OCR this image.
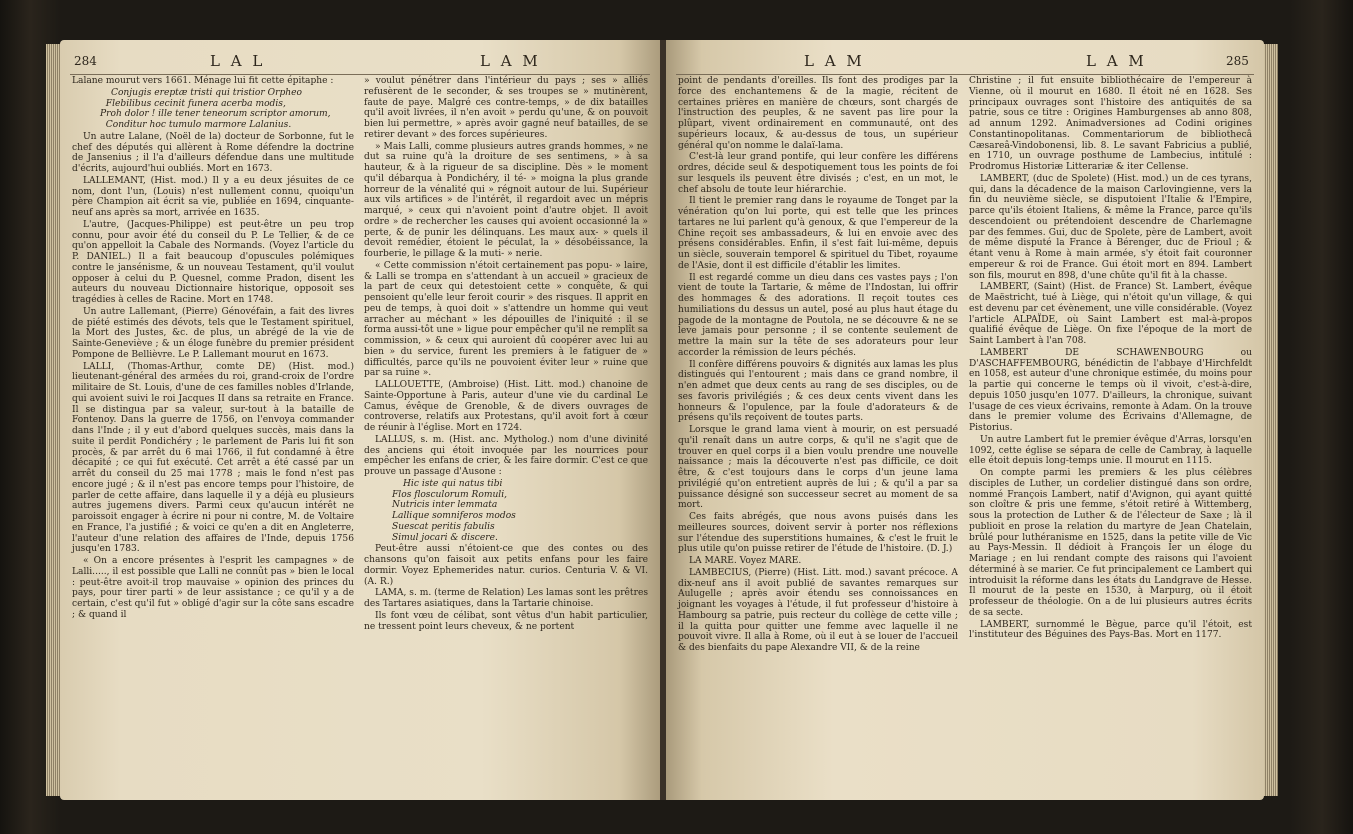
284	L A L	L A M

Lalane mourut vers 1661. Ménage lui fit cette épitaphe :

Conjugis ereptæ tristi qui tristior Orpheo
Flebilibus cecinit funera acerba modis,
Proh dolor ! ille tener teneorum scriptor amorum,
Conditur hoc tumulo marmore Lalanius.

Un autre Lalane, (Noël de la) docteur de Sorbonne, fut le chef des députés qui allèrent à Rome défendre la doctrine de Jansenius ; il l'a d'ailleurs défendue dans une multitude d'écrits, aujourd'hui oubliés. Mort en 1673.

LALLEMANT, (Hist. mod.) Il y a eu deux jésuites de ce nom, dont l'un, (Louis) n'est nullement connu, quoiqu'un père Champion ait écrit sa vie, publiée en 1694, cinquante-neuf ans après sa mort, arrivée en 1635.

L'autre, (Jacques-Philippe) est peut-être un peu trop connu, pour avoir été du conseil du P. Le Tellier, & de ce qu'on appelloit la Cabale des Normands. (Voyez l'article du P. DANIEL.) Il a fait beaucoup d'opuscules polémiques contre le jansénisme, & un nouveau Testament, qu'il voulut opposer à celui du P. Quesnel, comme Pradon, disent les auteurs du nouveau Dictionnaire historique, opposoit ses tragédies à celles de Racine. Mort en 1748.

Un autre Lallemant, (Pierre) Génovéfain, a fait des livres de piété estimés des dévots, tels que le Testament spirituel, la Mort des Justes, &c. de plus, un abrégé de la vie de Sainte-Geneviève ; & un éloge funèbre du premier président Pompone de Bellièvre. Le P. Lallemant mourut en 1673.

LALLI, (Thomas-Arthur, comte DE) (Hist. mod.) lieutenant-général des armées du roi, grand-croix de l'ordre militaire de St. Louis, d'une de ces familles nobles d'Irlande, qui avoient suivi le roi Jacques II dans sa retraite en France. Il se distingua par sa valeur, sur-tout à la bataille de Fontenoy. Dans la guerre de 1756, on l'envoya commander dans l'Inde ; il y eut d'abord quelques succès, mais dans la suite il perdit Pondichéry ; le parlement de Paris lui fit son procès, & par arrêt du 6 mai 1766, il fut condamné à être décapité ; ce qui fut exécuté. Cet arrêt a été cassé par un arrêt du conseil du 25 mai 1778 ; mais le fond n'est pas encore jugé ; & il n'est pas encore temps pour l'histoire, de parler de cette affaire, dans laquelle il y a déjà eu plusieurs autres jugemens divers. Parmi ceux qu'aucun intérêt ne paroissoit engager à écrire ni pour ni contre, M. de Voltaire en France, l'a justifié ; & voici ce qu'en a dit en Angleterre, l'auteur d'une relation des affaires de l'Inde, depuis 1756 jusqu'en 1783.

« On a encore présentes à l'esprit les campagnes » de Lalli....., il est possible que Lalli ne connût pas » bien le local : peut-être avoit-il trop mauvaise » opinion des princes du pays, pour tirer parti » de leur assistance ; ce qu'il y a de certain, c'est qu'il fut » obligé d'agir sur la côte sans escadre ; & quand il

» voulut pénétrer dans l'intérieur du pays ; ses » alliés refusèrent de le seconder, & ses troupes se » mutinèrent, faute de paye. Malgré ces contre-temps, » de dix batailles qu'il avoit livrées, il n'en avoit » perdu qu'une, & on pouvoit bien lui permettre, » après avoir gagné neuf batailles, de se retirer devant » des forces supérieures.

» Mais Lalli, comme plusieurs autres grands hommes, » ne dut sa ruine qu'à la droiture de ses sentimens, » à sa hauteur, & à la rigueur de sa discipline. Dès » le moment qu'il débarqua à Pondichéry, il té- » moigna la plus grande horreur de la vénalité qui » régnoit autour de lui. Supérieur aux vils artifices » de l'intérêt, il regardoit avec un mépris marqué, » ceux qui n'avoient point d'autre objet. Il avoit ordre » de rechercher les causes qui avoient occasionné la » perte, & de punir les délinquans. Les maux aux- » quels il devoit remédier, étoient le péculat, la » désobéissance, la fourberie, le pillage & la muti- » nerie.

« Cette commission n'étoit certainement pas popu- » laire, & Lalli se trompa en s'attendant à un accueil » gracieux de la part de ceux qui detestoient cette » conquête, & qui pensoient qu'elle leur feroit courir » des risques. Il apprit en peu de temps, à quoi doit » s'attendre un homme qui veut arracher au méchant » les dépouilles de l'iniquité : il se forma aussi-tôt une » ligue pour empêcher qu'il ne remplît sa commission, » & ceux qui auroient dû coopérer avec lui au bien » du service, furent les premiers à le fatiguer de » difficultés, parce qu'ils ne pouvoient éviter leur » ruine que par sa ruine ».

LALLOUETTE, (Ambroise) (Hist. Litt. mod.) chanoine de Sainte-Opportune à Paris, auteur d'une vie du cardinal Le Camus, évêque de Grenoble, & de divers ouvrages de controverse, relatifs aux Protestans, qu'il avoit fort à cœur de réunir à l'église. Mort en 1724.

LALLUS, s. m. (Hist. anc. Mytholog.) nom d'une divinité des anciens qui étoit invoquée par les nourrices pour empêcher les enfans de crier, & les faire dormir. C'est ce que prouve un passage d'Ausone :

Hic iste qui natus tibi
Flos flosculorum Romuli,
Nutricis inter lemmata
Lallique somniferos modos
Suescat peritis fabulis
Simul jocari & discere.

Peut-être aussi n'étoient-ce que des contes ou des chansons qu'on faisoit aux petits enfans pour les faire dormir. Voyez Ephemerides natur. curios. Centuria V. & VI. (A. R.)

LAMA, s. m. (terme de Relation) Les lamas sont les prêtres des Tartares asiatiques, dans la Tartarie chinoise.

Ils font vœu de célibat, sont vêtus d'un habit particulier, ne tressent point leurs cheveux, & ne portent

L A M	L A M	285

point de pendants d'oreilles. Ils font des prodiges par la force des enchantemens & de la magie, récitent de certaines prières en manière de chœurs, sont chargés de l'instruction des peuples, & ne savent pas lire pour la plûpart, vivent ordinairement en communauté, ont des supérieurs locaux, & au-dessus de tous, un supérieur général qu'on nomme le dalaï-lama.

C'est-là leur grand pontife, qui leur confère les différens ordres, décide seul & despotiquement tous les points de foi sur lesquels ils peuvent être divisés ; c'est, en un mot, le chef absolu de toute leur hiérarchie.

Il tient le premier rang dans le royaume de Tonget par la vénération qu'on lui porte, qui est telle que les princes tartares ne lui parlent qu'à genoux, & que l'empereur de la Chine reçoit ses ambassadeurs, & lui en envoie avec des présens considérables. Enfin, il s'est fait lui-même, depuis un siècle, souverain temporel & spirituel du Tibet, royaume de l'Asie, dont il est difficile d'établir les limites.

Il est regardé comme un dieu dans ces vastes pays ; l'on vient de toute la Tartarie, & même de l'Indostan, lui offrir des hommages & des adorations. Il reçoit toutes ces humiliations du dessus un autel, posé au plus haut étage du pagode de la montagne de Poutola, ne se découvre & ne se leve jamais pour personne ; il se contente seulement de mettre la main sur la tête de ses adorateurs pour leur accorder la rémission de leurs péchés.

Il confère différens pouvoirs & dignités aux lamas les plus distingués qui l'entourent ; mais dans ce grand nombre, il n'en admet que deux cents au rang de ses disciples, ou de ses favoris privilégiés ; & ces deux cents vivent dans les honneurs & l'opulence, par la foule d'adorateurs & de présens qu'ils reçoivent de toutes parts.

Lorsque le grand lama vient à mourir, on est persuadé qu'il renaît dans un autre corps, & qu'il ne s'agit que de trouver en quel corps il a bien voulu prendre une nouvelle naissance ; mais la découverte n'est pas difficile, ce doit être, & c'est toujours dans le corps d'un jeune lama privilégié qu'on entretient auprès de lui ; & qu'il a par sa puissance désigné son successeur secret au moment de sa mort.

Ces faits abrégés, que nous avons puisés dans les meilleures sources, doivent servir à porter nos réflexions sur l'étendue des superstitions humaines, & c'est le fruit le plus utile qu'on puisse retirer de l'étude de l'histoire. (D. J.)

LA MARE. Voyez MARE.

LAMBECIUS, (Pierre) (Hist. Litt. mod.) savant précoce. A dix-neuf ans il avoit publié de savantes remarques sur Aulugelle ; après avoir étendu ses connoissances en joignant les voyages à l'étude, il fut professeur d'histoire à Hambourg sa patrie, puis recteur du collège de cette ville ; il la quitta pour quitter une femme avec laquelle il ne pouvoit vivre. Il alla à Rome, où il eut à se louer de l'accueil & des bienfaits du pape Alexandre VII, & de la reine

Christine ; il fut ensuite bibliothécaire de l'empereur à Vienne, où il mourut en 1680. Il étoit né en 1628. Ses principaux ouvrages sont l'histoire des antiquités de sa patrie, sous ce titre : Origines Hamburgenses ab anno 808, ad annum 1292. Animadversiones ad Codini origines Constantinopolitanas. Commentariorum de bibliothecâ Cæsareâ-Vindobonensi, lib. 8. Le savant Fabricius a publié, en 1710, un ouvrage posthume de Lambecius, intitulé : Prodromus Historiæ Litterariæ & iter Cellense.

LAMBERT, (duc de Spolete) (Hist. mod.) un de ces tyrans, qui, dans la décadence de la maison Carlovingienne, vers la fin du neuvième siècle, se disputoient l'Italie & l'Empire, parce qu'ils étoient Italiens, & même la France, parce qu'ils descendoient ou prétendoient descendre de Charlemagne par des femmes. Gui, duc de Spolete, père de Lambert, avoit de même disputé la France à Bérenger, duc de Frioul ; & étant venu à Rome à main armée, s'y étoit fait couronner empereur & roi de France. Gui étoit mort en 894. Lambert son fils, mourut en 898, d'une chûte qu'il fit à la chasse.

LAMBERT, (Saint) (Hist. de France) St. Lambert, évêque de Maëstricht, tué à Liège, qui n'étoit qu'un village, & qui est devenu par cet évènement, une ville considérable. (Voyez l'article ALPAÏDE, où Saint Lambert est mal-à-propos qualifié évêque de Liège. On fixe l'époque de la mort de Saint Lambert à l'an 708.

LAMBERT DE SCHAWENBOURG ou D'ASCHAFFEMBOURG, bénédictin de l'abbaye d'Hirchfeldt en 1058, est auteur d'une chronique estimée, du moins pour la partie qui concerne le temps où il vivoit, c'est-à-dire, depuis 1050 jusqu'en 1077. D'ailleurs, la chronique, suivant l'usage de ces vieux écrivains, remonte à Adam. On la trouve dans le premier volume des Écrivains d'Allemagne, de Pistorius.

Un autre Lambert fut le premier évêque d'Arras, lorsqu'en 1092, cette église se sépara de celle de Cambray, à laquelle elle étoit depuis long-temps unie. Il mourut en 1115.

On compte parmi les premiers & les plus célèbres disciples de Luther, un cordelier distingué dans son ordre, nommé François Lambert, natif d'Avignon, qui ayant quitté son cloître & pris une femme, s'étoit retiré à Wittemberg, sous la protection de Luther & de l'électeur de Saxe ; là il publioit en prose la relation du martyre de Jean Chatelain, brûlé pour luthéranisme en 1525, dans la petite ville de Vic au Pays-Messin. Il dédioit à François Ier un éloge du Mariage ; en lui rendant compte des raisons qui l'avoient déterminé à se marier. Ce fut principalement ce Lambert qui introduisit la réforme dans les états du Landgrave de Hesse. Il mourut de la peste en 1530, à Marpurg, où il étoit professeur de théologie. On a de lui plusieurs autres écrits de sa secte.

LAMBERT, surnommé le Bègue, parce qu'il l'étoit, est l'instituteur des Béguines des Pays-Bas. Mort en 1177.
